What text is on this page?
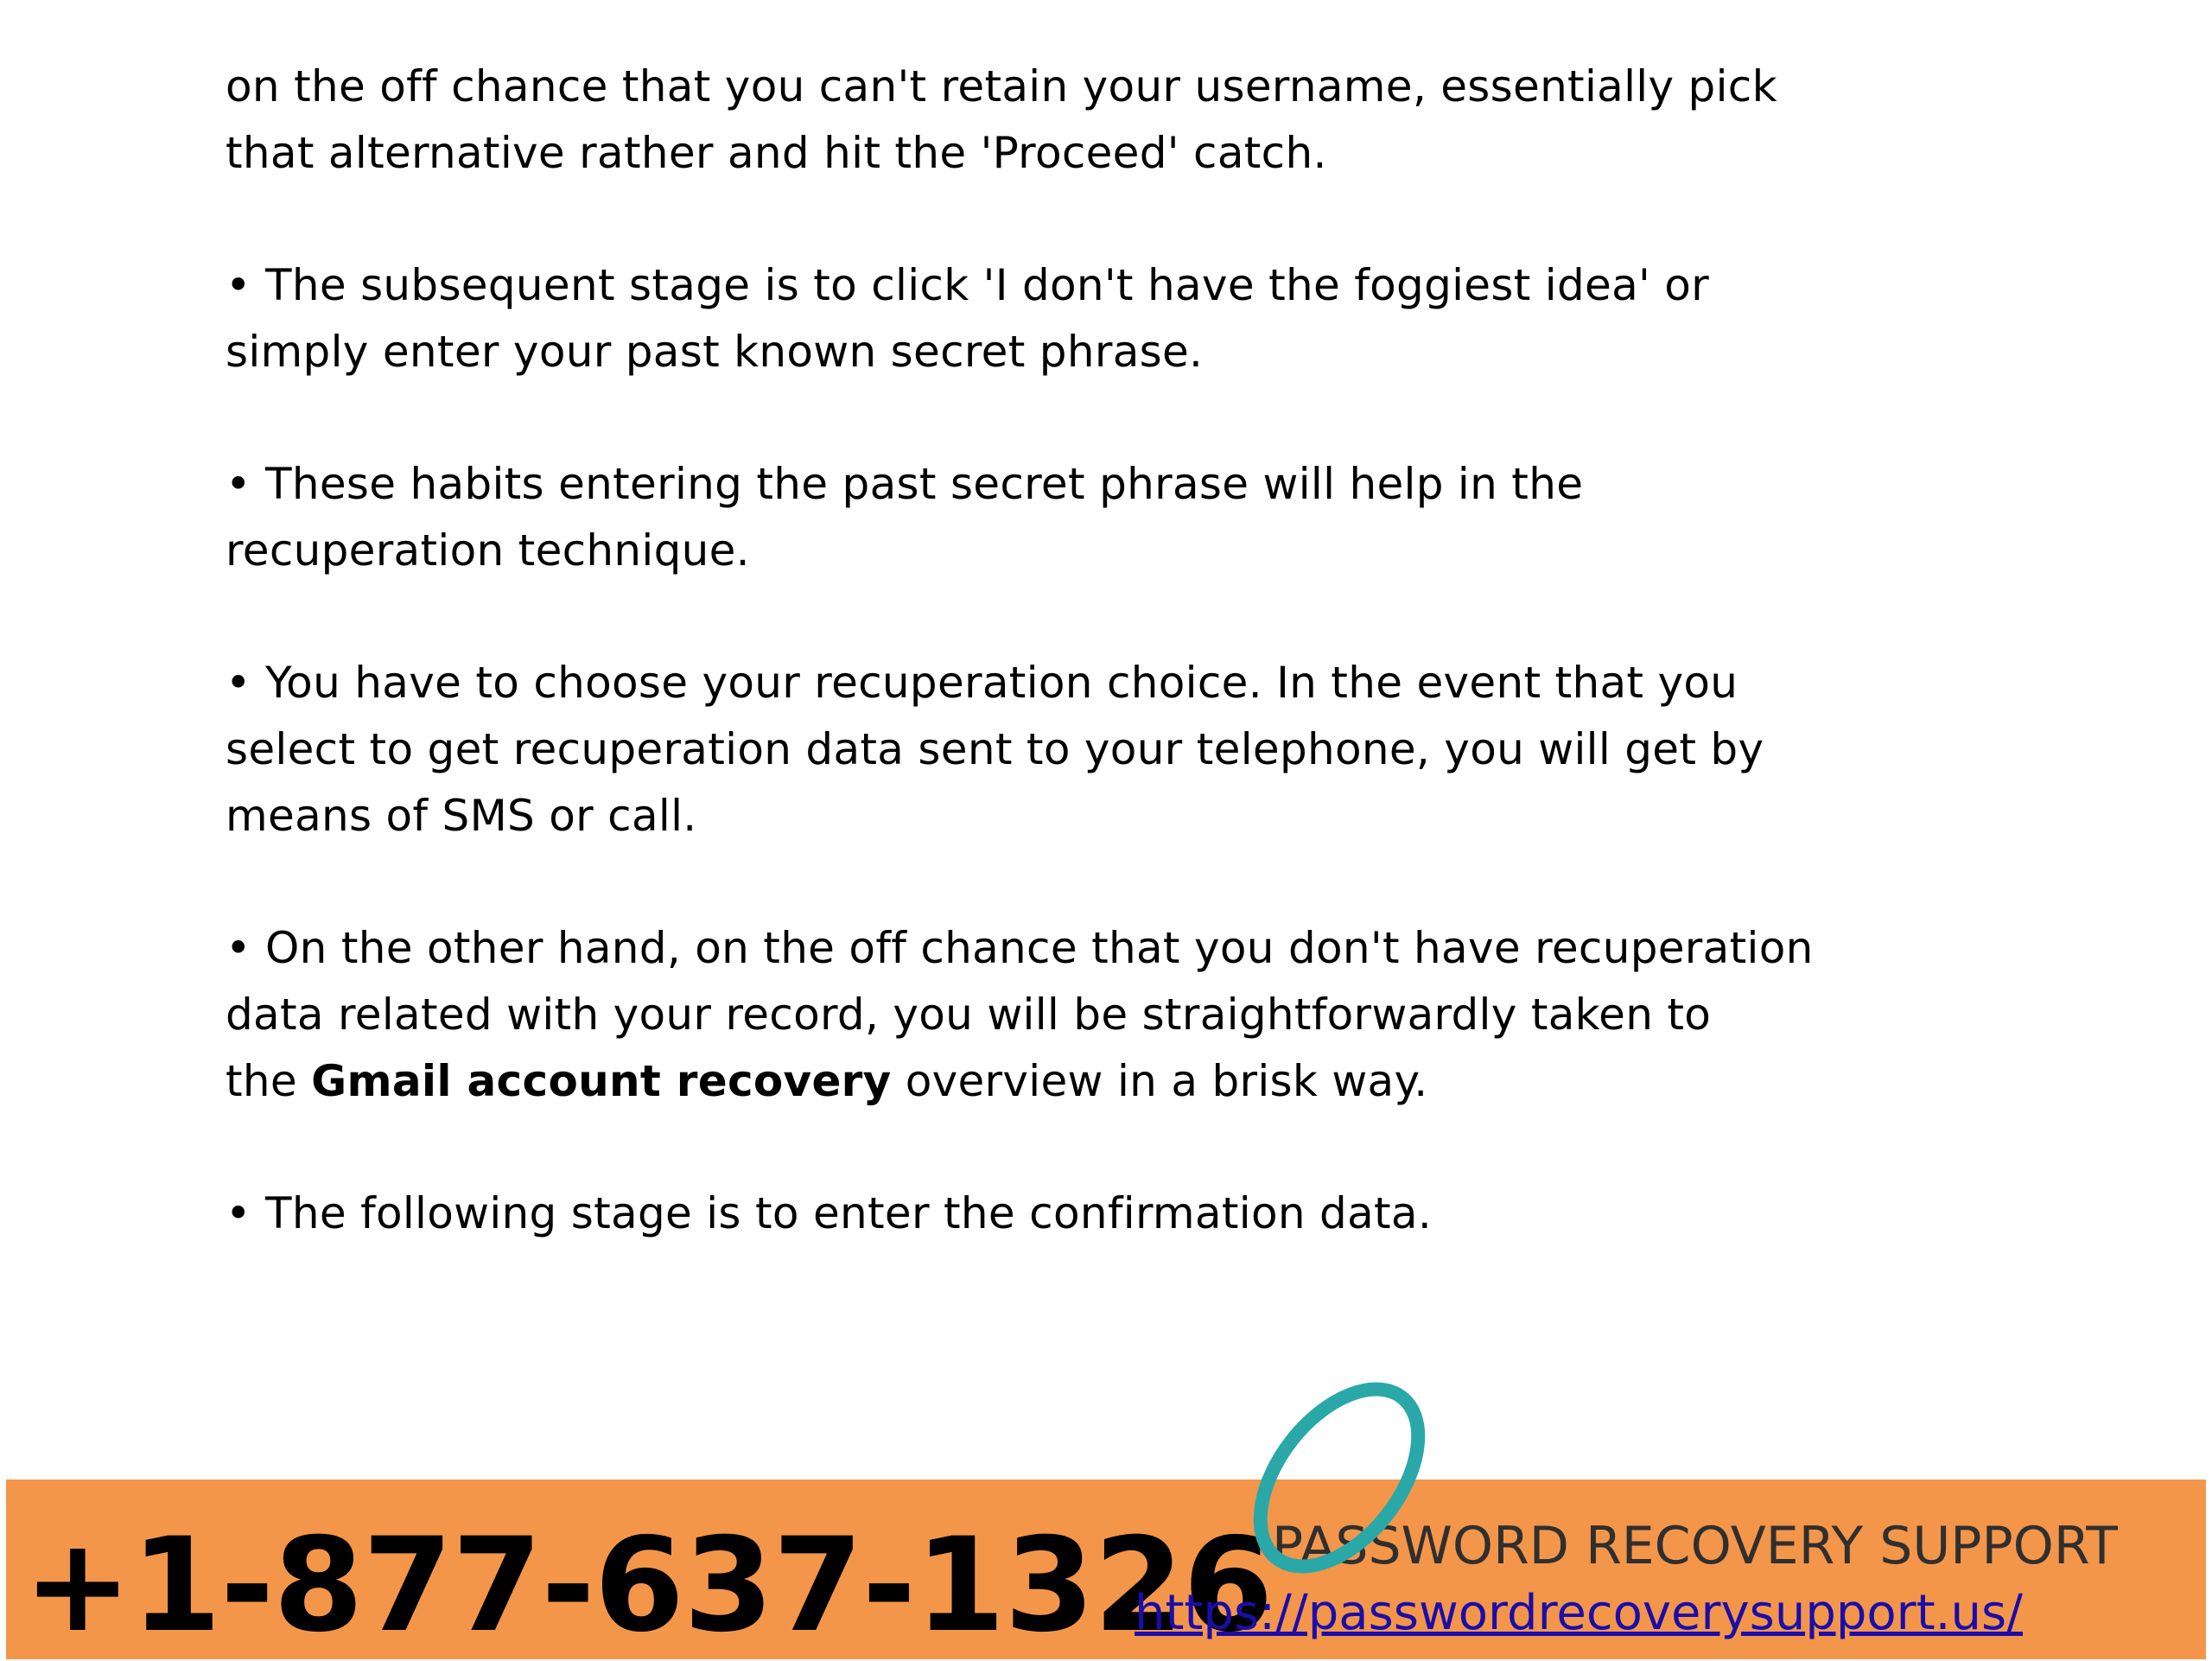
on the off chance that you can't retain your username, essentially pick
that alternative rather and hit the 'Proceed' catch.

• The subsequent stage is to click 'I don't have the foggiest idea' or
simply enter your past known secret phrase.

• These habits entering the past secret phrase will help in the
recuperation technique.

• You have to choose your recuperation choice. In the event that you
select to get recuperation data sent to your telephone, you will get by
means of SMS or call.

• On the other hand, on the off chance that you don't have recuperation
data related with your record, you will be straightforwardly taken to
the Gmail account recovery overview in a brisk way.

• The following stage is to enter the confirmation data.

+1-877-637-1326 PASSWORD RECOVERY SUPPORT
https://passwordrecoverysupport.us/
